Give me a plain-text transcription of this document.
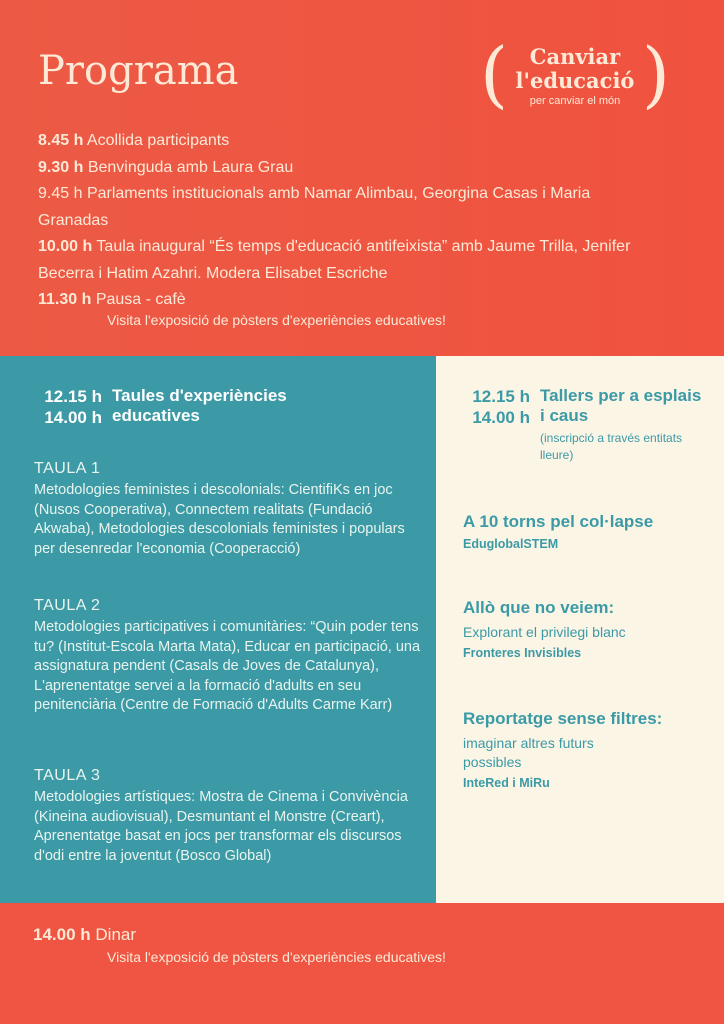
Programa	( )
Canviar
l'educació
per canviar el món
8.45 h Acollida participants
9.30 h Benvinguda amb Laura Grau
9.45 h Parlaments institucionals amb Namar Alimbau, Georgina Casas i Maria Granadas
10.00 h Taula inaugural “És temps d'educació antifeixista” amb Jaume Trilla, Jenifer Becerra i Hatim Azahri. Modera Elisabet Escriche
11.30 h Pausa - cafè
Visita l'exposició de pòsters d'experiències educatives!
12.15 h
14.00 h
Taules d'experiències educatives
TAULA 1
Metodologies feministes i descolonials: CientifiKs en joc (Nusos Cooperativa), Connectem realitats (Fundació Akwaba), Metodologies descolonials feministes i populars per desenredar l'economia (Cooperacció)
TAULA 2
Metodologies participatives i comunitàries: “Quin poder tens tu? (Institut-Escola Marta Mata), Educar en participació, una assignatura pendent (Casals de Joves de Catalunya), L'aprenentatge servei a la formació d'adults en seu penitenciària (Centre de Formació d'Adults Carme Karr)
TAULA 3
Metodologies artístiques: Mostra de Cinema i Convivència (Kineina audiovisual), Desmuntant el Monstre (Creart), Aprenentatge basat en jocs per transformar els discursos d'odi entre la joventut (Bosco Global)
12.15 h
14.00 h
Tallers per a esplais i caus
(inscripció a través entitats lleure)
A 10 torns pel col·lapse
EduglobalSTEM
Allò que no veiem:
Explorant el privilegi blanc
Fronteres Invisibles
Reportatge sense filtres:
imaginar altres futurs possibles
InteRed i MiRu
14.00 h Dinar
Visita l'exposició de pòsters d'experiències educatives!
